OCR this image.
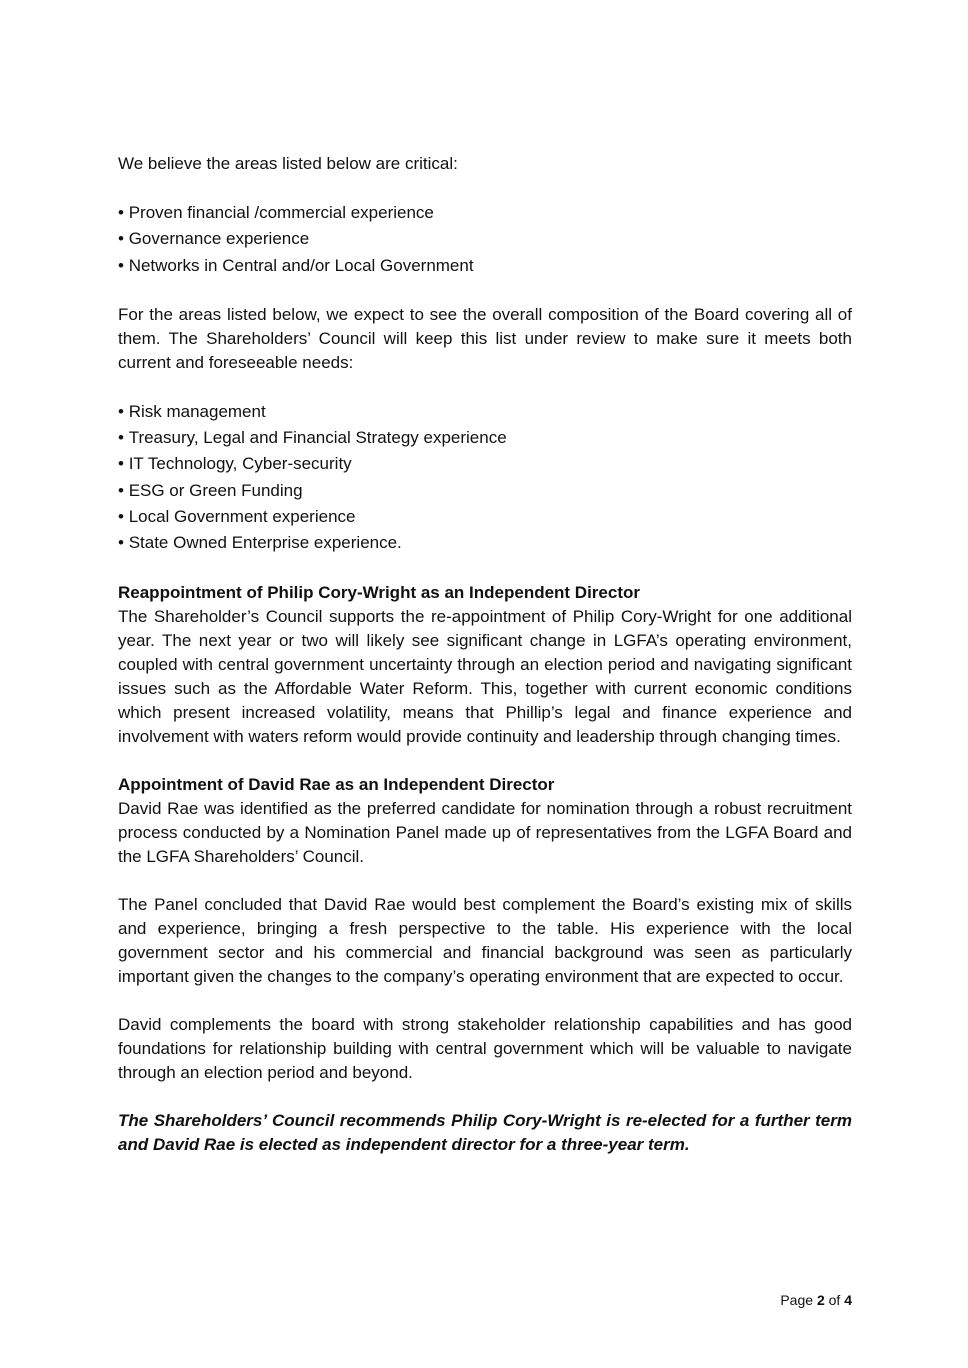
We believe the areas listed below are critical:

• Proven financial /commercial experience
• Governance experience
• Networks in Central and/or Local Government

For the areas listed below, we expect to see the overall composition of the Board covering all of them. The Shareholders’ Council will keep this list under review to make sure it meets both current and foreseeable needs:

• Risk management
• Treasury, Legal and Financial Strategy experience
• IT Technology, Cyber-security
• ESG or Green Funding
• Local Government experience
• State Owned Enterprise experience.

Reappointment of Philip Cory-Wright as an Independent Director

The Shareholder’s Council supports the re-appointment of Philip Cory-Wright for one additional year. The next year or two will likely see significant change in LGFA’s operating environment, coupled with central government uncertainty through an election period and navigating significant issues such as the Affordable Water Reform. This, together with current economic conditions which present increased volatility, means that Phillip’s legal and finance experience and involvement with waters reform would provide continuity and leadership through changing times.

Appointment of David Rae as an Independent Director

David Rae was identified as the preferred candidate for nomination through a robust recruitment process conducted by a Nomination Panel made up of representatives from the LGFA Board and the LGFA Shareholders’ Council.

The Panel concluded that David Rae would best complement the Board’s existing mix of skills and experience, bringing a fresh perspective to the table. His experience with the local government sector and his commercial and financial background was seen as particularly important given the changes to the company’s operating environment that are expected to occur.

David complements the board with strong stakeholder relationship capabilities and has good foundations for relationship building with central government which will be valuable to navigate through an election period and beyond.

The Shareholders’ Council recommends Philip Cory-Wright is re-elected for a further term and David Rae is elected as independent director for a three-year term.

Page 2 of 4
